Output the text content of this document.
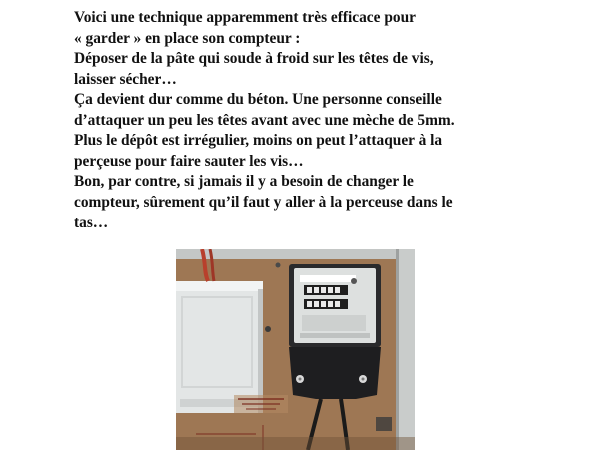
Voici une technique apparemment très efficace pour

« garder » en place son compteur :

Déposer de la pâte qui soude à froid sur les têtes de vis,

laisser sécher…

Ça devient dur comme du béton. Une personne conseille

d’attaquer un peu les têtes avant avec une mèche de 5mm.

Plus le dépôt est irrégulier, moins on peut l’attaquer à la

perçeuse pour faire sauter les vis…

Bon, par contre, si jamais il y a besoin de changer le

compteur, sûrement qu’il faut y aller à la perceuse dans le

tas…
